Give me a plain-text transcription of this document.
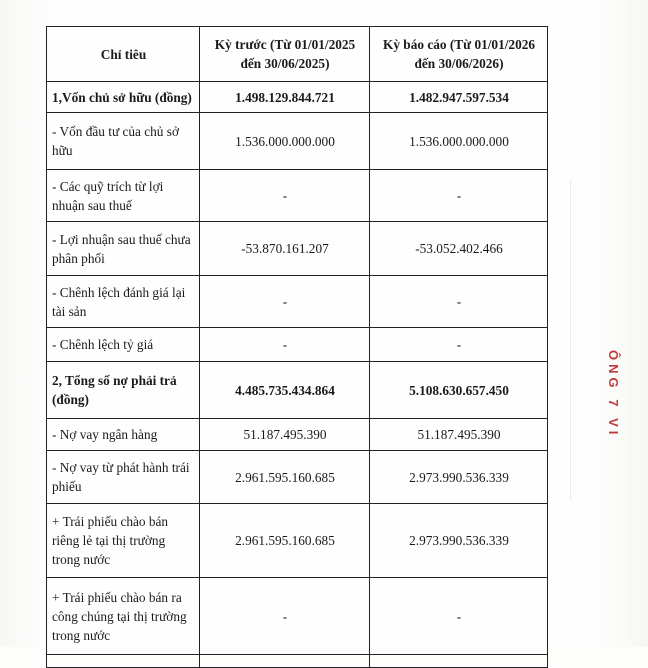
Chỉ tiêu	Kỳ trước (Từ 01/01/2025 đến 30/06/2025)	Kỳ báo cáo (Từ 01/01/2026 đến 30/06/2026)
1,Vốn chủ sở hữu (đồng)	1.498.129.844.721	1.482.947.597.534
- Vốn đầu tư của chủ sở hữu	1.536.000.000.000	1.536.000.000.000
- Các quỹ trích từ lợi nhuận sau thuế	-	-
- Lợi nhuận sau thuế chưa phân phối	-53.870.161.207	-53.052.402.466
- Chênh lệch đánh giá lại tài sản	-	-
- Chênh lệch tỷ giá	-	-
2, Tổng số nợ phải trả (đồng)	4.485.735.434.864	5.108.630.657.450
- Nợ vay ngân hàng	51.187.495.390	51.187.495.390
- Nợ vay từ phát hành trái phiếu	2.961.595.160.685	2.973.990.536.339
+ Trái phiếu chào bán riêng lẻ tại thị trường trong nước	2.961.595.160.685	2.973.990.536.339
+ Trái phiếu chào bán ra công chúng tại thị trường trong nước	-	-

ÔNG 7 VI
